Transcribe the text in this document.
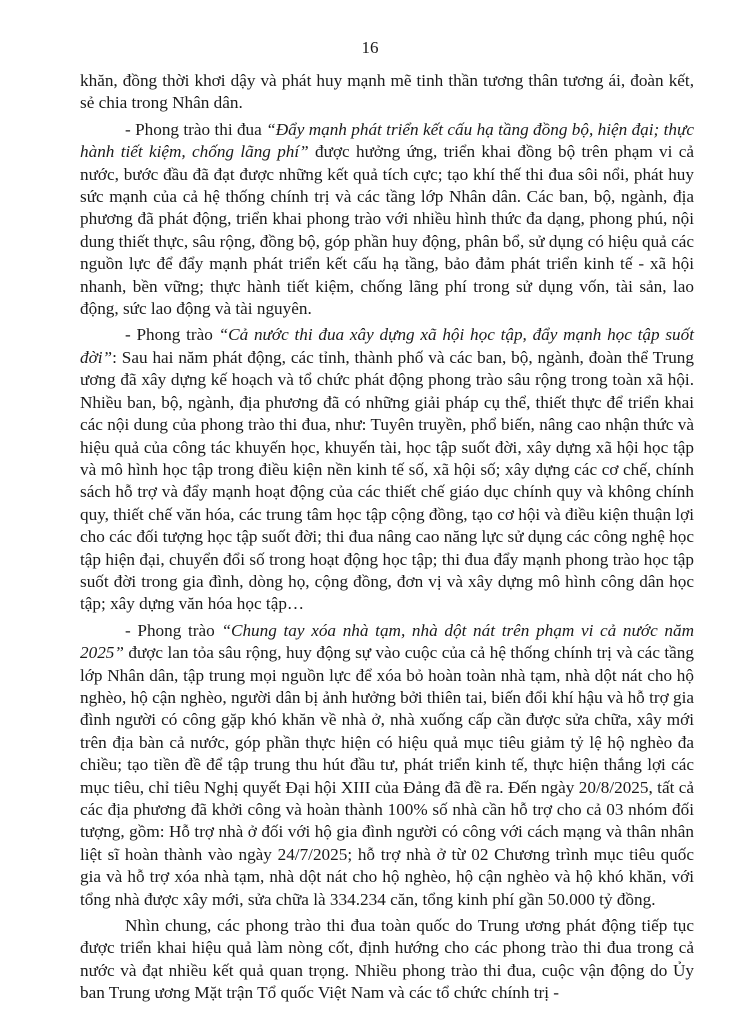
16

khăn, đồng thời khơi dậy và phát huy mạnh mẽ tinh thần tương thân tương ái, đoàn kết, sẻ chia trong Nhân dân.

- Phong trào thi đua “Đẩy mạnh phát triển kết cấu hạ tầng đồng bộ, hiện đại; thực hành tiết kiệm, chống lãng phí” được hưởng ứng, triển khai đồng bộ trên phạm vi cả nước, bước đầu đã đạt được những kết quả tích cực; tạo khí thế thi đua sôi nổi, phát huy sức mạnh của cả hệ thống chính trị và các tầng lớp Nhân dân. Các ban, bộ, ngành, địa phương đã phát động, triển khai phong trào với nhiều hình thức đa dạng, phong phú, nội dung thiết thực, sâu rộng, đồng bộ, góp phần huy động, phân bổ, sử dụng có hiệu quả các nguồn lực để đẩy mạnh phát triển kết cấu hạ tầng, bảo đảm phát triển kinh tế - xã hội nhanh, bền vững; thực hành tiết kiệm, chống lãng phí trong sử dụng vốn, tài sản, lao động, sức lao động và tài nguyên.

- Phong trào “Cả nước thi đua xây dựng xã hội học tập, đẩy mạnh học tập suốt đời”: Sau hai năm phát động, các tỉnh, thành phố và các ban, bộ, ngành, đoàn thể Trung ương đã xây dựng kế hoạch và tổ chức phát động phong trào sâu rộng trong toàn xã hội. Nhiều ban, bộ, ngành, địa phương đã có những giải pháp cụ thể, thiết thực để triển khai các nội dung của phong trào thi đua, như: Tuyên truyền, phổ biến, nâng cao nhận thức và hiệu quả của công tác khuyến học, khuyến tài, học tập suốt đời, xây dựng xã hội học tập và mô hình học tập trong điều kiện nền kinh tế số, xã hội số; xây dựng các cơ chế, chính sách hỗ trợ và đẩy mạnh hoạt động của các thiết chế giáo dục chính quy và không chính quy, thiết chế văn hóa, các trung tâm học tập cộng đồng, tạo cơ hội và điều kiện thuận lợi cho các đối tượng học tập suốt đời; thi đua nâng cao năng lực sử dụng các công nghệ học tập hiện đại, chuyển đổi số trong hoạt động học tập; thi đua đẩy mạnh phong trào học tập suốt đời trong gia đình, dòng họ, cộng đồng, đơn vị và xây dựng mô hình công dân học tập; xây dựng văn hóa học tập…

- Phong trào “Chung tay xóa nhà tạm, nhà dột nát trên phạm vi cả nước năm 2025” được lan tỏa sâu rộng, huy động sự vào cuộc của cả hệ thống chính trị và các tầng lớp Nhân dân, tập trung mọi nguồn lực để xóa bỏ hoàn toàn nhà tạm, nhà dột nát cho hộ nghèo, hộ cận nghèo, người dân bị ảnh hưởng bởi thiên tai, biến đổi khí hậu và hỗ trợ gia đình người có công gặp khó khăn về nhà ở, nhà xuống cấp cần được sửa chữa, xây mới trên địa bàn cả nước, góp phần thực hiện có hiệu quả mục tiêu giảm tỷ lệ hộ nghèo đa chiều; tạo tiền đề để tập trung thu hút đầu tư, phát triển kinh tế, thực hiện thắng lợi các mục tiêu, chỉ tiêu Nghị quyết Đại hội XIII của Đảng đã đề ra. Đến ngày 20/8/2025, tất cả các địa phương đã khởi công và hoàn thành 100% số nhà cần hỗ trợ cho cả 03 nhóm đối tượng, gồm: Hỗ trợ nhà ở đối với hộ gia đình người có công với cách mạng và thân nhân liệt sĩ hoàn thành vào ngày 24/7/2025; hỗ trợ nhà ở từ 02 Chương trình mục tiêu quốc gia và hỗ trợ xóa nhà tạm, nhà dột nát cho hộ nghèo, hộ cận nghèo và hộ khó khăn, với tổng nhà được xây mới, sửa chữa là 334.234 căn, tổng kinh phí gần 50.000 tỷ đồng.

Nhìn chung, các phong trào thi đua toàn quốc do Trung ương phát động tiếp tục được triển khai hiệu quả làm nòng cốt, định hướng cho các phong trào thi đua trong cả nước và đạt nhiều kết quả quan trọng. Nhiều phong trào thi đua, cuộc vận động do Ủy ban Trung ương Mặt trận Tổ quốc Việt Nam và các tổ chức chính trị -
